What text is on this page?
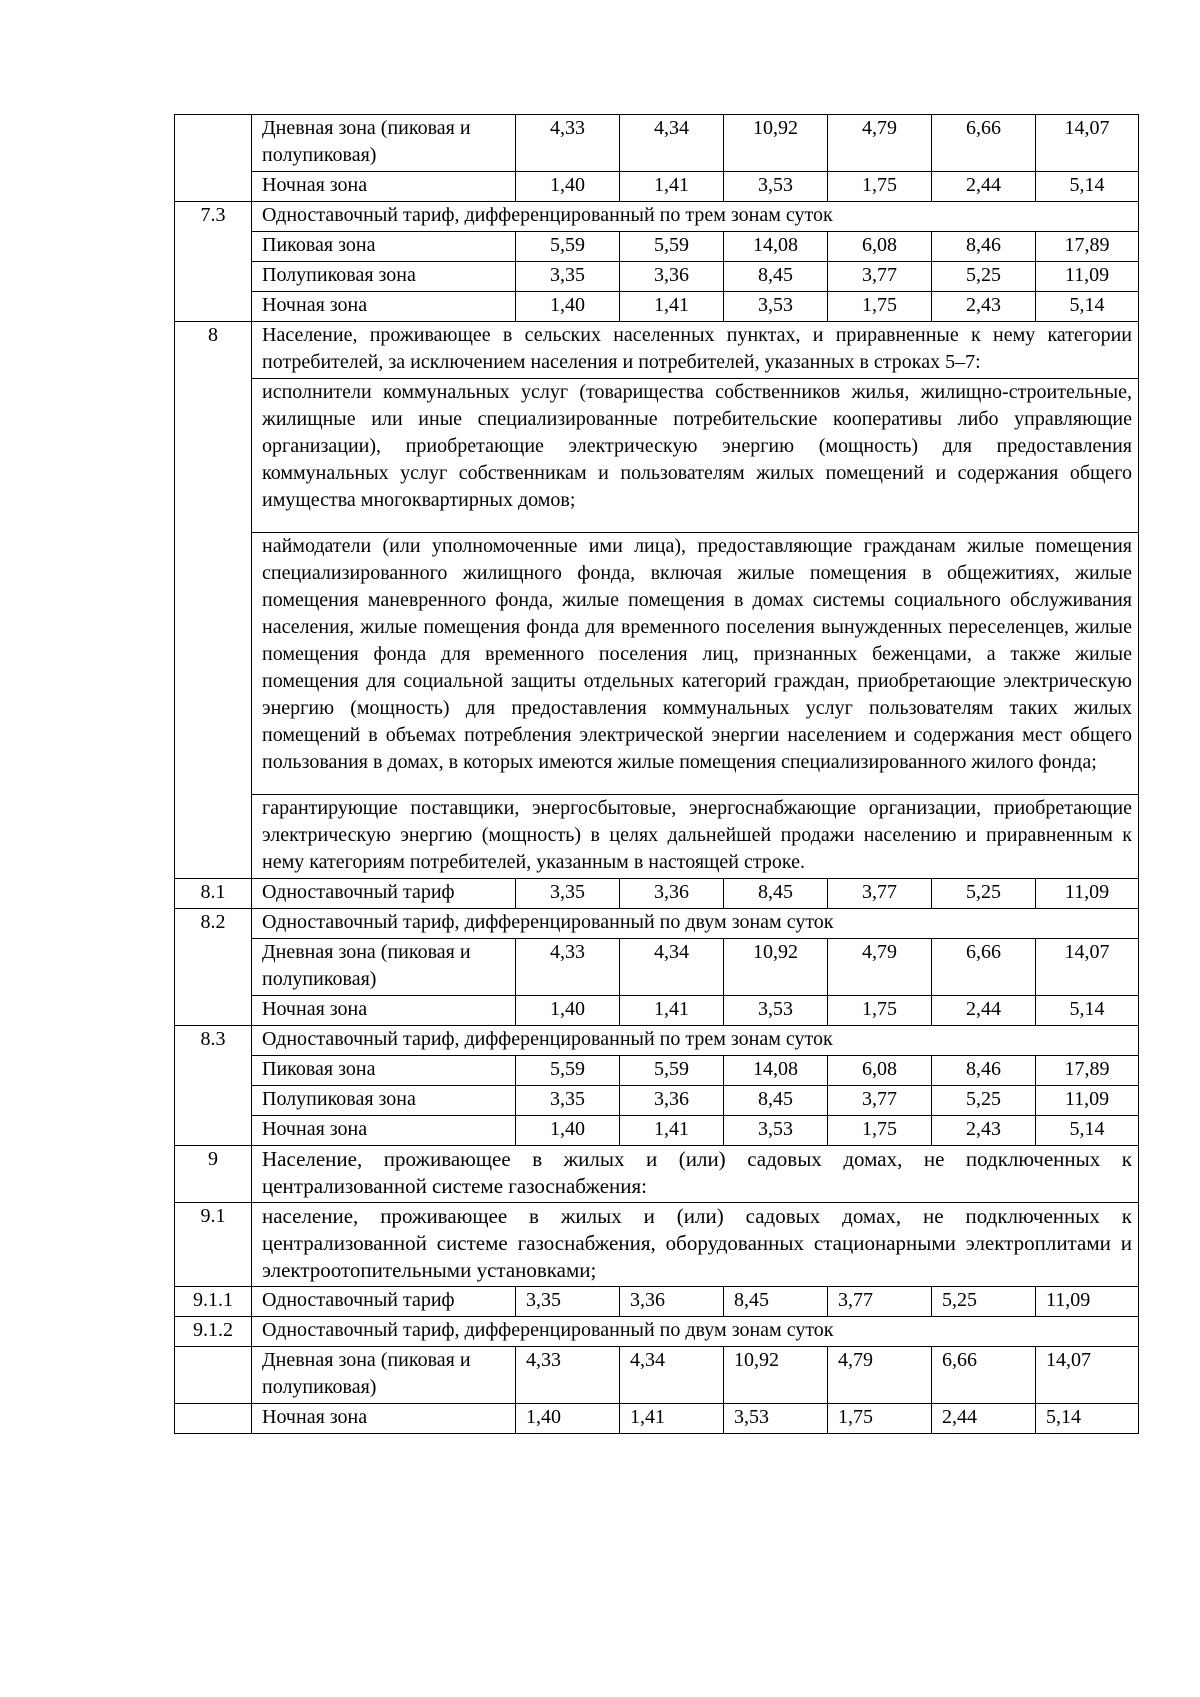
	Дневная зона (пиковая и полупиковая)	4,33	4,34	10,92	4,79	6,66	14,07
	Ночная зона	1,40	1,41	3,53	1,75	2,44	5,14
7.3	Одноставочный тариф, дифференцированный по трем зонам суток						
	Пиковая зона	5,59	5,59	14,08	6,08	8,46	17,89
	Полупиковая зона	3,35	3,36	8,45	3,77	5,25	11,09
	Ночная зона	1,40	1,41	3,53	1,75	2,43	5,14
8	Население, проживающее в сельских населенных пунктах, и приравненные к нему категории потребителей, за исключением населения и потребителей, указанных в строках 5–7:						
	исполнители коммунальных услуг (товарищества собственников жилья, жилищно-строительные, жилищные или иные специализированные потребительские кооперативы либо управляющие организации), приобретающие электрическую энергию (мощность) для предоставления коммунальных услуг собственникам и пользователям жилых помещений и содержания общего имущества многоквартирных домов;						

	наймодатели (или уполномоченные ими лица), предоставляющие гражданам жилые помещения специализированного жилищного фонда, включая жилые помещения в общежитиях, жилые помещения маневренного фонда, жилые помещения в домах системы социального обслуживания населения, жилые помещения фонда для временного поселения вынужденных переселенцев, жилые помещения фонда для временного поселения лиц, признанных беженцами, а также жилые помещения для социальной защиты отдельных категорий граждан, приобретающие электрическую энергию (мощность) для предоставления коммунальных услуг пользователям таких жилых помещений в объемах потребления электрической энергии населением и содержания мест общего пользования в домах, в которых имеются жилые помещения специализированного жилого фонда;						

	гарантирующие поставщики, энергосбытовые, энергоснабжающие организации, приобретающие электрическую энергию (мощность) в целях дальнейшей продажи населению и приравненным к нему категориям потребителей, указанным в настоящей строке.						
8.1	Одноставочный тариф	3,35	3,36	8,45	3,77	5,25	11,09
8.2	Одноставочный тариф, дифференцированный по двум зонам суток						
	Дневная зона (пиковая и полупиковая)	4,33	4,34	10,92	4,79	6,66	14,07
	Ночная зона	1,40	1,41	3,53	1,75	2,44	5,14
8.3	Одноставочный тариф, дифференцированный по трем зонам суток						
	Пиковая зона	5,59	5,59	14,08	6,08	8,46	17,89
	Полупиковая зона	3,35	3,36	8,45	3,77	5,25	11,09
	Ночная зона	1,40	1,41	3,53	1,75	2,43	5,14
9	Население, проживающее в жилых и (или) садовых домах, не подключенных к централизованной системе газоснабжения:						
9.1	население, проживающее в жилых и (или) садовых домах, не подключенных к централизованной системе газоснабжения, оборудованных стационарными электроплитами и электроотопительными установками;						
9.1.1	Одноставочный тариф	3,35	3,36	8,45	3,77	5,25	11,09
9.1.2	Одноставочный тариф, дифференцированный по двум зонам суток						
	Дневная зона (пиковая и полупиковая)	4,33	4,34	10,92	4,79	6,66	14,07
	Ночная зона	1,40	1,41	3,53	1,75	2,44	5,14
